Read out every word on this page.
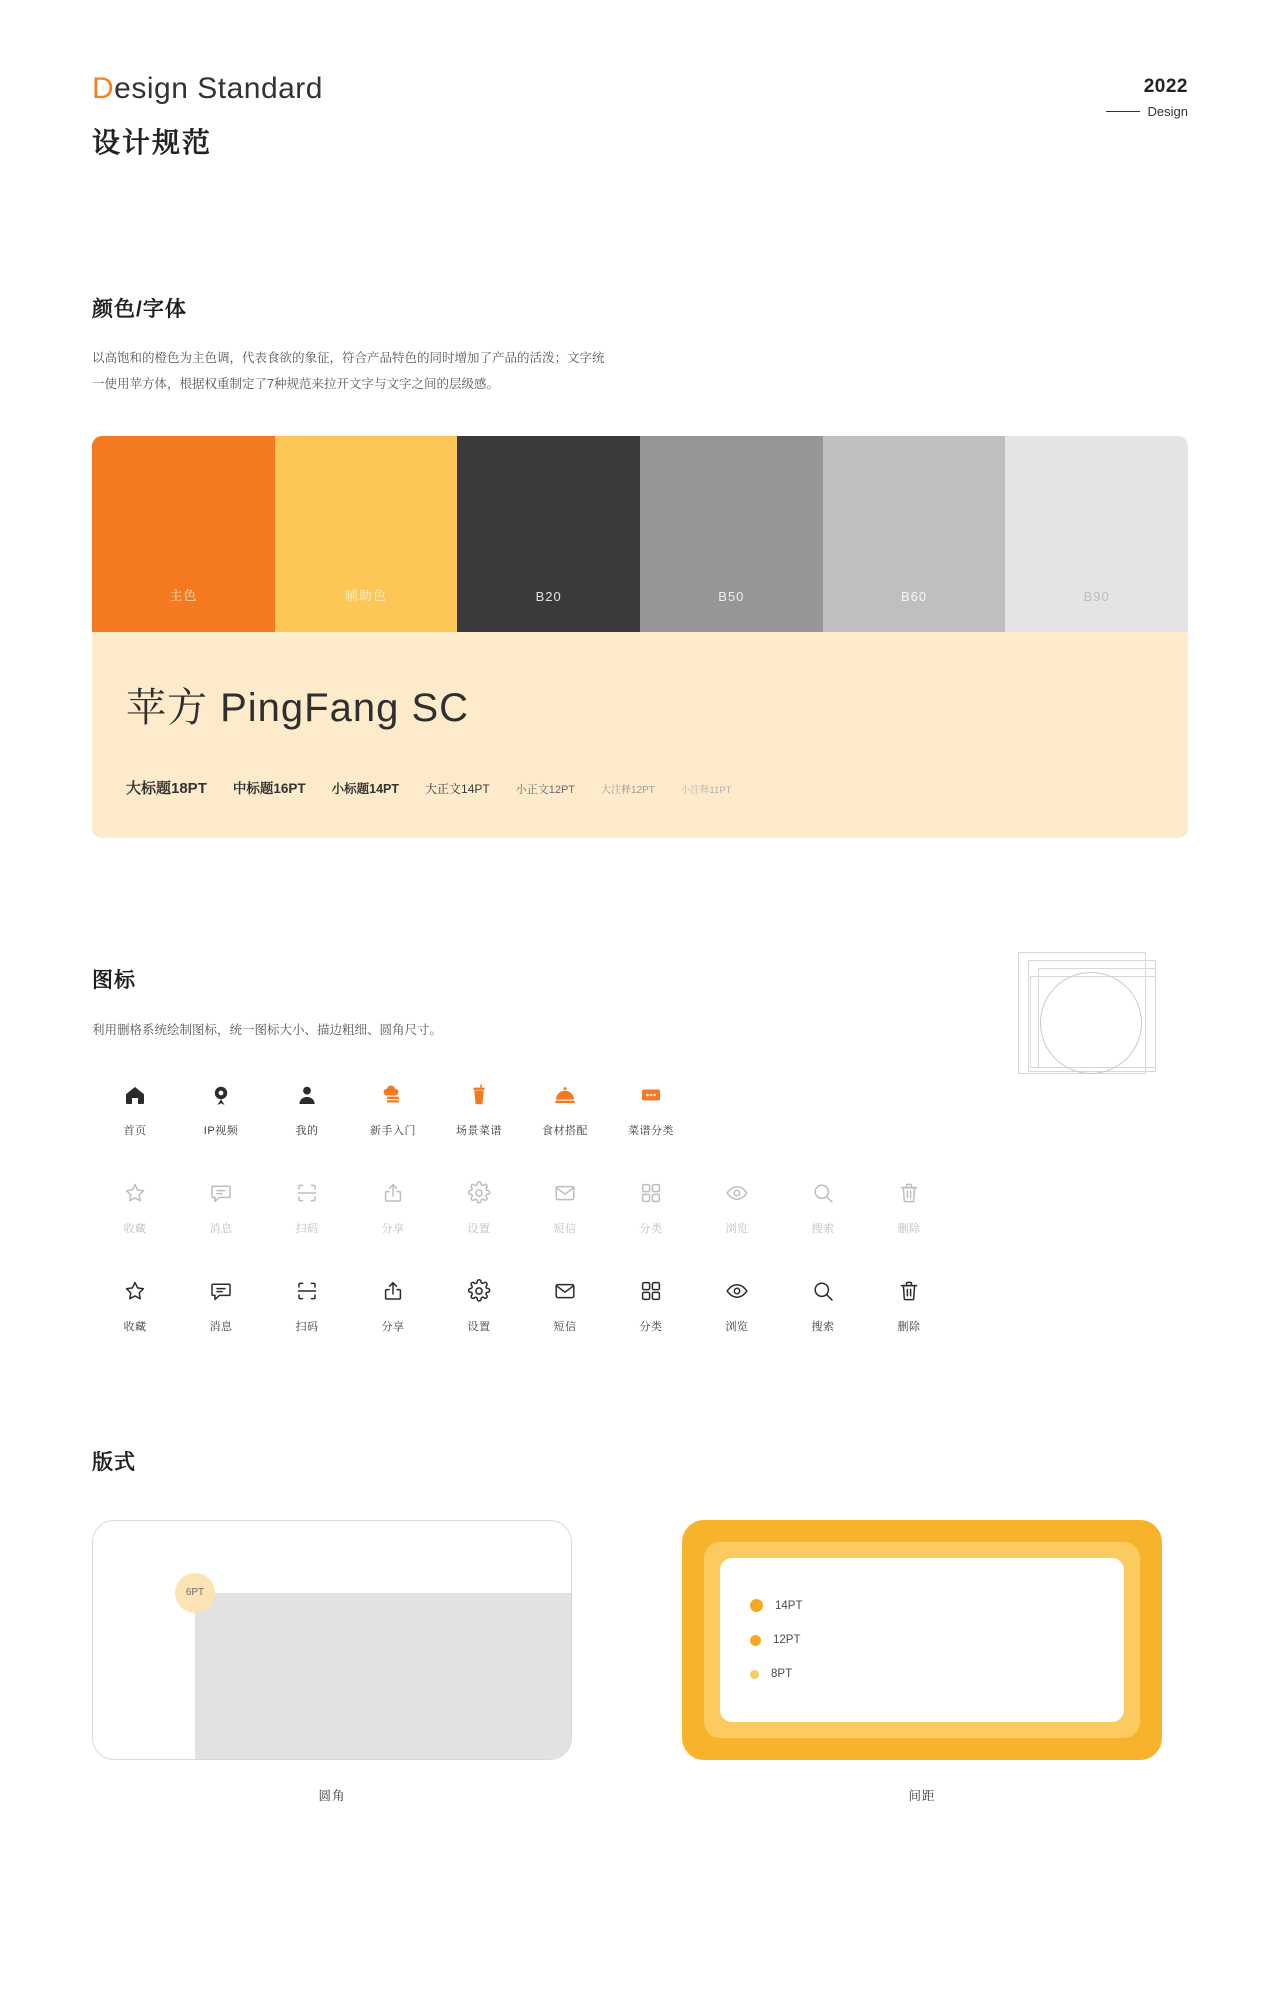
Design Standard
设计规范
2022
Design
颜色/字体
以高饱和的橙色为主色调，代表食欲的象征，符合产品特色的同时增加了产品的活泼；文字统一使用苹方体，根据权重制定了7种规范来拉开文字与文字之间的层级感。
主色	辅助色	B20	B50	B60	B90
苹方 PingFang SC
大标题18PT 中标题16PT 小标题14PT 大正文14PT 小正文12PT	大注释12PT	小注释11PT
图标
利用删格系统绘制图标，统一图标大小、描边粗细、圆角尺寸。
首页	IP视频	我的	新手入门	场景菜谱	食材搭配	菜谱分类
收藏	消息	扫码	分享	设置	短信	分类	浏览	搜索	删除
收藏	消息	扫码	分享	设置	短信	分类	浏览	搜索	删除
版式
6PT
圆角
14PT
12PT
8PT
间距
